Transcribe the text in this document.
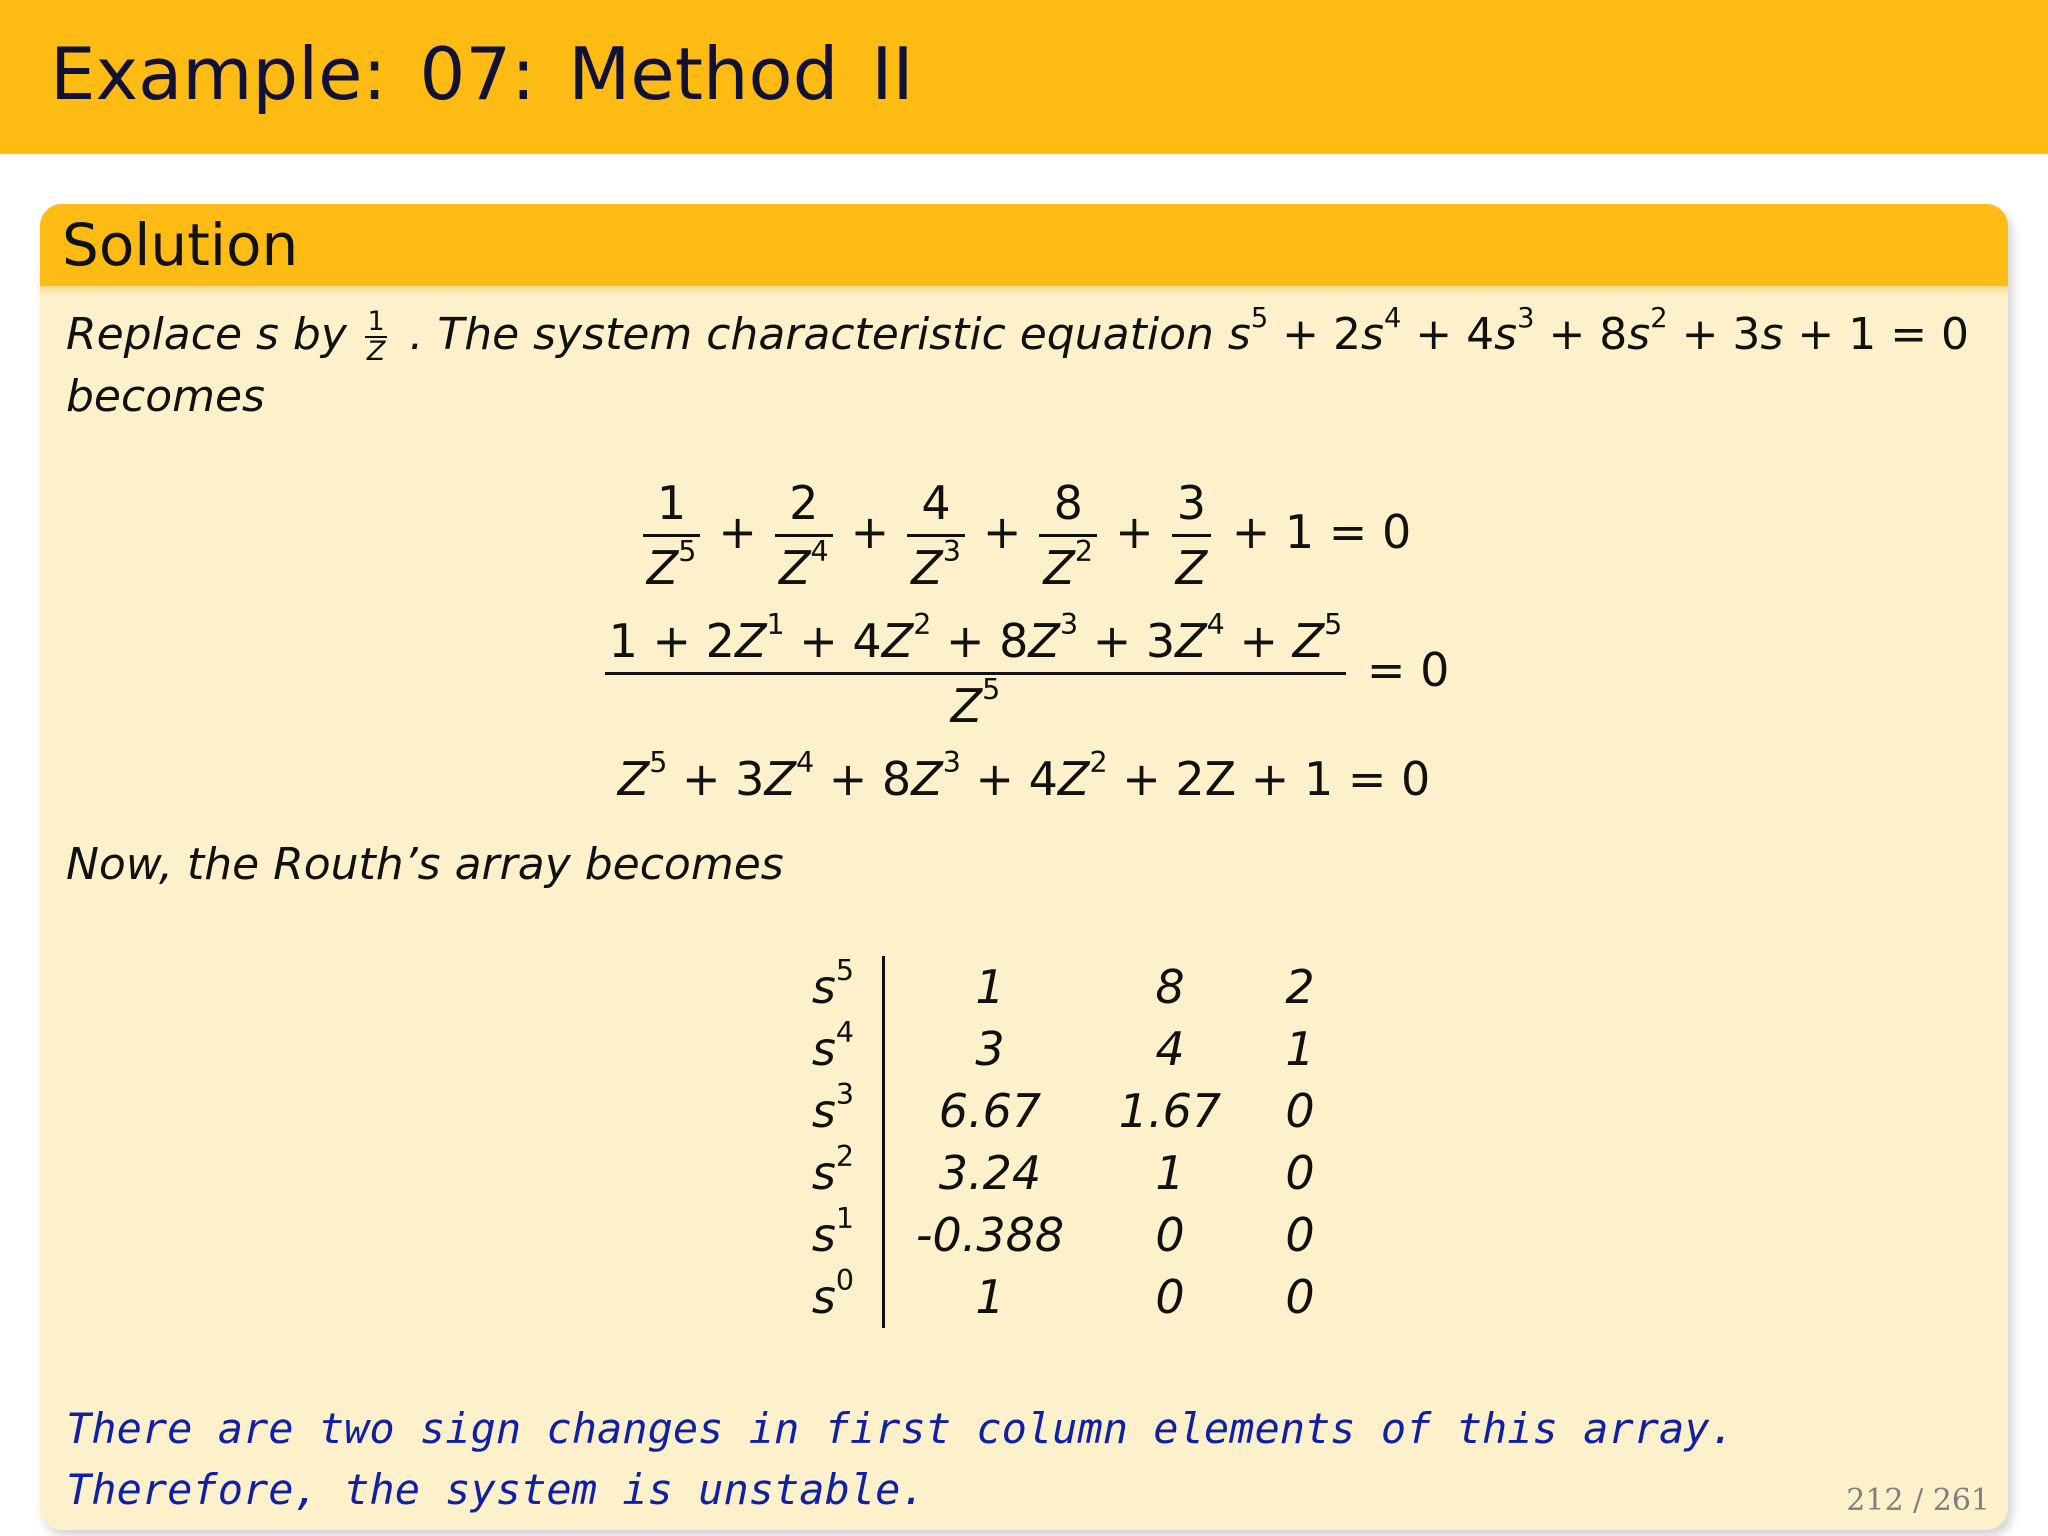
Example: 07: Method II
Solution

Replace s by $\frac{1}{Z}$ . The system characteristic equation $s^5 + 2s^4 + 4s^3 + 8s^2 + 3s + 1 = 0$

becomes

$\frac{1}{Z^5} + \frac{2}{Z^4} + \frac{4}{Z^3} + \frac{8}{Z^2} + \frac{3}{Z} + 1 = 0$
$\frac{1 + 2Z^1 + 4Z^2 + 8Z^3 + 3Z^4 + Z^5}{Z^5} = 0$
$Z^5 + 3Z^4 + 8Z^3 + 4Z^2 + 2Z + 1 = 0$

Now, the Routh’s array becomes

$s^5$	1	8	2
$s^4$	3	4	1
$s^3$	6.67	1.67	0
$s^2$	3.24	1	0
$s^1$	-0.388	0	0
$s^0$	1	0	0

There are two sign changes in first column elements of this array.
Therefore, the system is unstable.	212 / 261
